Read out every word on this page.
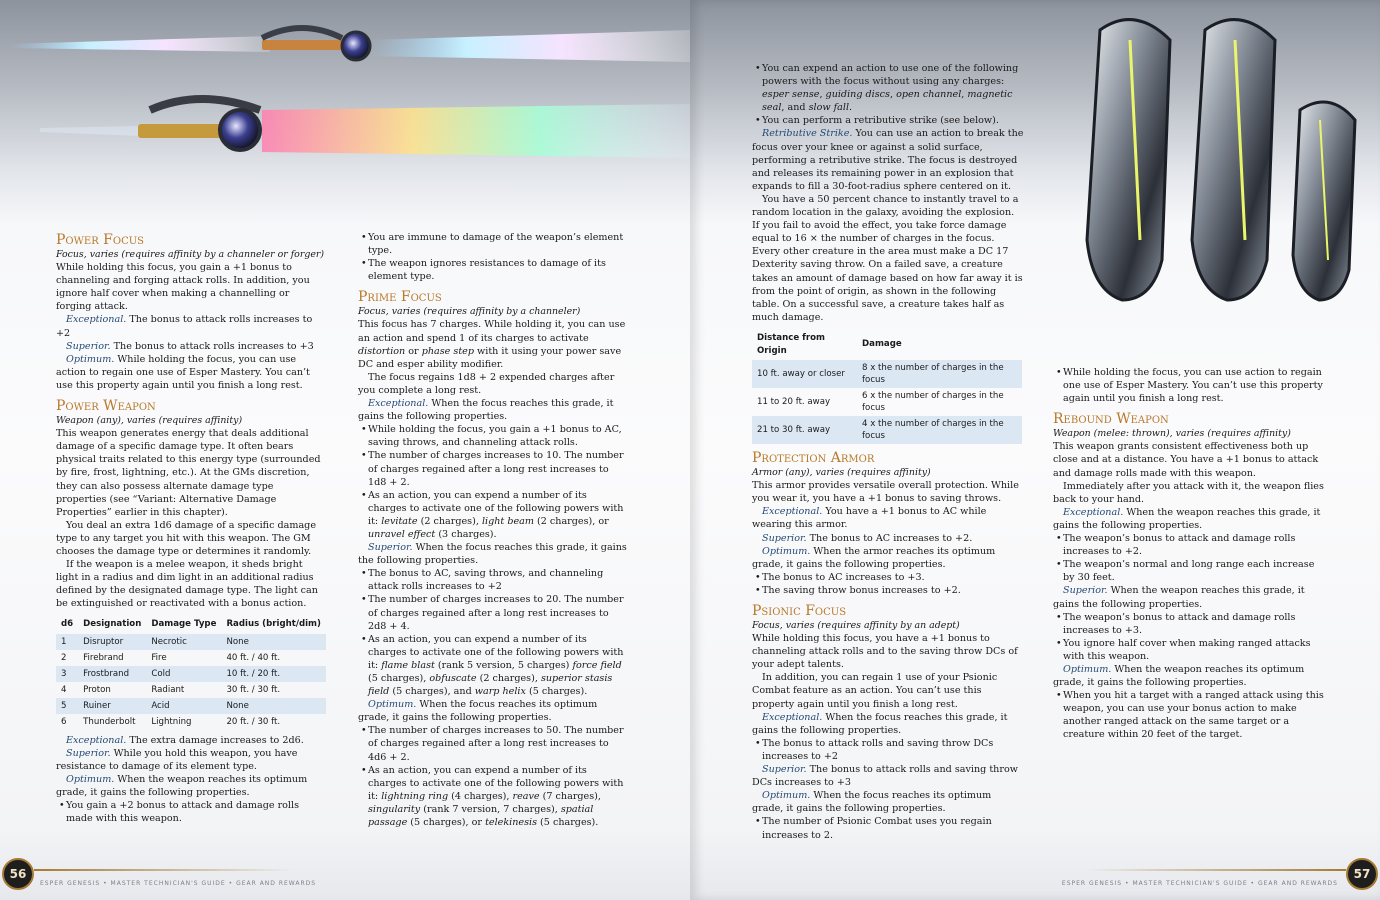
Power Focus
Focus, varies (requires affinity by a channeler or forger)

While holding this focus, you gain a +1 bonus to channeling and forging attack rolls. In addition, you ignore half cover when making a channelling or forging attack.

Exceptional. The bonus to attack rolls increases to +2

Superior. The bonus to attack rolls increases to +3

Optimum. While holding the focus, you can use action to regain one use of Esper Mastery. You can’t use this property again until you finish a long rest.

Power Weapon
Weapon (any), varies (requires affinity)

This weapon generates energy that deals additional damage of a specific damage type. It often bears physical traits related to this energy type (surrounded by fire, frost, lightning, etc.). At the GMs discretion, they can also possess alternate damage type properties (see “Variant: Alternative Damage Properties” earlier in this chapter).

You deal an extra 1d6 damage of a specific damage type to any target you hit with this weapon. The GM chooses the damage type or determines it randomly.

If the weapon is a melee weapon, it sheds bright light in a radius and dim light in an additional radius defined by the designated damage type. The light can be extinguished or reactivated with a bonus action.

d6	Designation	Damage Type	Radius (bright/dim)
1	Disruptor	Necrotic	None
2	Firebrand	Fire	40 ft. / 40 ft.
3	Frostbrand	Cold	10 ft. / 20 ft.
4	Proton	Radiant	30 ft. / 30 ft.
5	Ruiner	Acid	None
6	Thunderbolt	Lightning	20 ft. / 30 ft.

Exceptional. The extra damage increases to 2d6.

Superior. While you hold this weapon, you have resistance to damage of its element type.

Optimum. When the weapon reaches its optimum grade, it gains the following properties.

• You gain a +2 bonus to attack and damage rolls made with this weapon.
• You are immune to damage of the weapon’s element type.
• The weapon ignores resistances to damage of its element type.
Prime Focus
Focus, varies (requires affinity by a channeler)

This focus has 7 charges. While holding it, you can use an action and spend 1 of its charges to activate distortion or phase step with it using your power save DC and esper ability modifier.

The focus regains 1d8 + 2 expended charges after you complete a long rest.

Exceptional. When the focus reaches this grade, it gains the following properties.

• While holding the focus, you gain a +1 bonus to AC, saving throws, and channeling attack rolls.
• The number of charges increases to 10. The number of charges regained after a long rest increases to 1d8 + 2.
• As an action, you can expend a number of its charges to activate one of the following powers with it: levitate (2 charges), light beam (2 charges), or unravel effect (3 charges).

Superior. When the focus reaches this grade, it gains the following properties.

• The bonus to AC, saving throws, and channeling attack rolls increases to +2
• The number of charges increases to 20. The number of charges regained after a long rest increases to 2d8 + 4.
• As an action, you can expend a number of its charges to activate one of the following powers with it: flame blast (rank 5 version, 5 charges) force field (5 charges), obfuscate (2 charges), superior stasis field (5 charges), and warp helix (5 charges).

Optimum. When the focus reaches its optimum grade, it gains the following properties.

• The number of charges increases to 50. The number of charges regained after a long rest increases to 4d6 + 2.
• As an action, you can expend a number of its charges to activate one of the following powers with it: lightning ring (4 charges), reave (7 charges), singularity (rank 7 version, 7 charges), spatial passage (5 charges), or telekinesis (5 charges).
ESPER GENESIS • MASTER TECHNICIAN'S GUIDE • GEAR AND REWARDS
56
• You can expend an action to use one of the following powers with the focus without using any charges: esper sense, guiding discs, open channel, magnetic seal, and slow fall.
• You can perform a retributive strike (see below).

Retributive Strike. You can use an action to break the focus over your knee or against a solid surface, performing a retributive strike. The focus is destroyed and releases its remaining power in an explosion that expands to fill a 30-foot-radius sphere centered on it.

You have a 50 percent chance to instantly travel to a random location in the galaxy, avoiding the explosion. If you fail to avoid the effect, you take force damage equal to 16 × the number of charges in the focus. Every other creature in the area must make a DC 17 Dexterity saving throw. On a failed save, a creature takes an amount of damage based on how far away it is from the point of origin, as shown in the following table. On a successful save, a creature takes half as much damage.

Distance from Origin	Damage
10 ft. away or closer	8 x the number of charges in the focus
11 to 20 ft. away	6 x the number of charges in the focus
21 to 30 ft. away	4 x the number of charges in the focus
Protection Armor
Armor (any), varies (requires affinity)

This armor provides versatile overall protection. While you wear it, you have a +1 bonus to saving throws.

Exceptional. You have a +1 bonus to AC while wearing this armor.

Superior. The bonus to AC increases to +2.

Optimum. When the armor reaches its optimum grade, it gains the following properties.

• The bonus to AC increases to +3.
• The saving throw bonus increases to +2.
Psionic Focus
Focus, varies (requires affinity by an adept)

While holding this focus, you have a +1 bonus to channeling attack rolls and to the saving throw DCs of your adept talents.

In addition, you can regain 1 use of your Psionic Combat feature as an action. You can’t use this property again until you finish a long rest.

Exceptional. When the focus reaches this grade, it gains the following properties.

• The bonus to attack rolls and saving throw DCs increases to +2

Superior. The bonus to attack rolls and saving throw DCs increases to +3

Optimum. When the focus reaches its optimum grade, it gains the following properties.

• The number of Psionic Combat uses you regain increases to 2.
• While holding the focus, you can use action to regain one use of Esper Mastery. You can’t use this property again until you finish a long rest.
Rebound Weapon
Weapon (melee: thrown), varies (requires affinity)

This weapon grants consistent effectiveness both up close and at a distance. You have a +1 bonus to attack and damage rolls made with this weapon.

Immediately after you attack with it, the weapon flies back to your hand.

Exceptional. When the weapon reaches this grade, it gains the following properties.

• The weapon’s bonus to attack and damage rolls increases to +2.
• The weapon’s normal and long range each increase by 30 feet.

Superior. When the weapon reaches this grade, it gains the following properties.

• The weapon’s bonus to attack and damage rolls increases to +3.
• You ignore half cover when making ranged attacks with this weapon.

Optimum. When the weapon reaches its optimum grade, it gains the following properties.

• When you hit a target with a ranged attack using this weapon, you can use your bonus action to make another ranged attack on the same target or a creature within 20 feet of the target.
ESPER GENESIS • MASTER TECHNICIAN'S GUIDE • GEAR AND REWARDS
57
